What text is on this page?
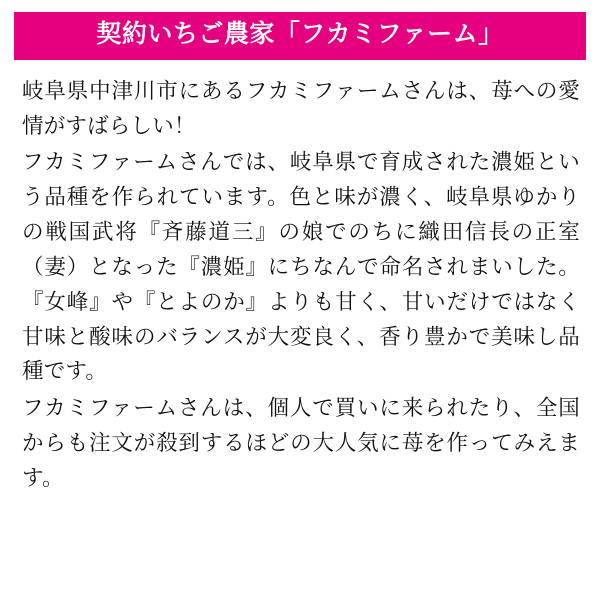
契約いちご農家「フカミファーム」

岐阜県中津川市にあるフカミファームさんは、苺への愛情がすばらしい！

フカミファームさんでは、岐阜県で育成された濃姫という品種を作られています。色と味が濃く、岐阜県ゆかりの戦国武将『斉藤道三』の娘でのちに織田信長の正室（妻）となった『濃姫』にちなんで命名されまいした。『女峰』や『とよのか』よりも甘く、甘いだけではなく甘味と酸味のバランスが大変良く、香り豊かで美味し品種です。

フカミファームさんは、個人で買いに来られたり、全国からも注文が殺到するほどの大人気に苺を作ってみえます。
